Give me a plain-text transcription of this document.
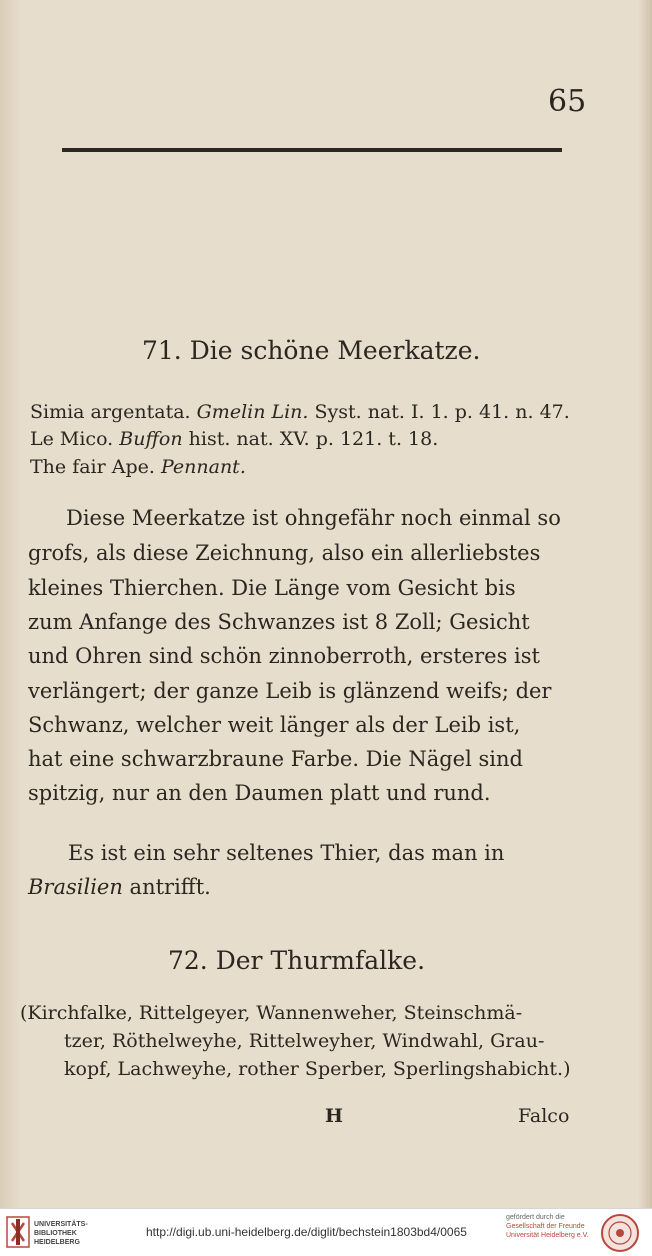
65
71. Die schöne Meerkatze.
Simia argentata. Gmelin Lin. Syst. nat. I. 1. p. 41. n. 47.
Le Mico. Buffon hist. nat. XV. p. 121. t. 18.
The fair Ape. Pennant.
Diese Meerkatze ist ohngefähr noch einmal so
grofs, als diese Zeichnung, also ein allerliebstes
kleines Thierchen. Die Länge vom Gesicht bis
zum Anfange des Schwanzes ist 8 Zoll; Gesicht
und Ohren sind schön zinnoberroth, ersteres ist
verlängert; der ganze Leib is glänzend weifs; der
Schwanz, welcher weit länger als der Leib ist,
hat eine schwarzbraune Farbe. Die Nägel sind
spitzig, nur an den Daumen platt und rund.
Es ist ein sehr seltenes Thier, das man in
Brasilien antrifft.
72. Der Thurmfalke.
(Kirchfalke, Rittelgeyer, Wannenweher, Steinschmä-
tzer, Röthelweyhe, Rittelweyher, Windwahl, Grau-
kopf, Lachweyhe, rother Sperber, Sperlingshabicht.)
H	Falco
UNIVERSITÄTS-
BIBLIOTHEK
HEIDELBERG
http://digi.ub.uni-heidelberg.de/diglit/bechstein1803bd4/0065
gefördert durch die
Gesellschaft der Freunde
Universität Heidelberg e.V.
